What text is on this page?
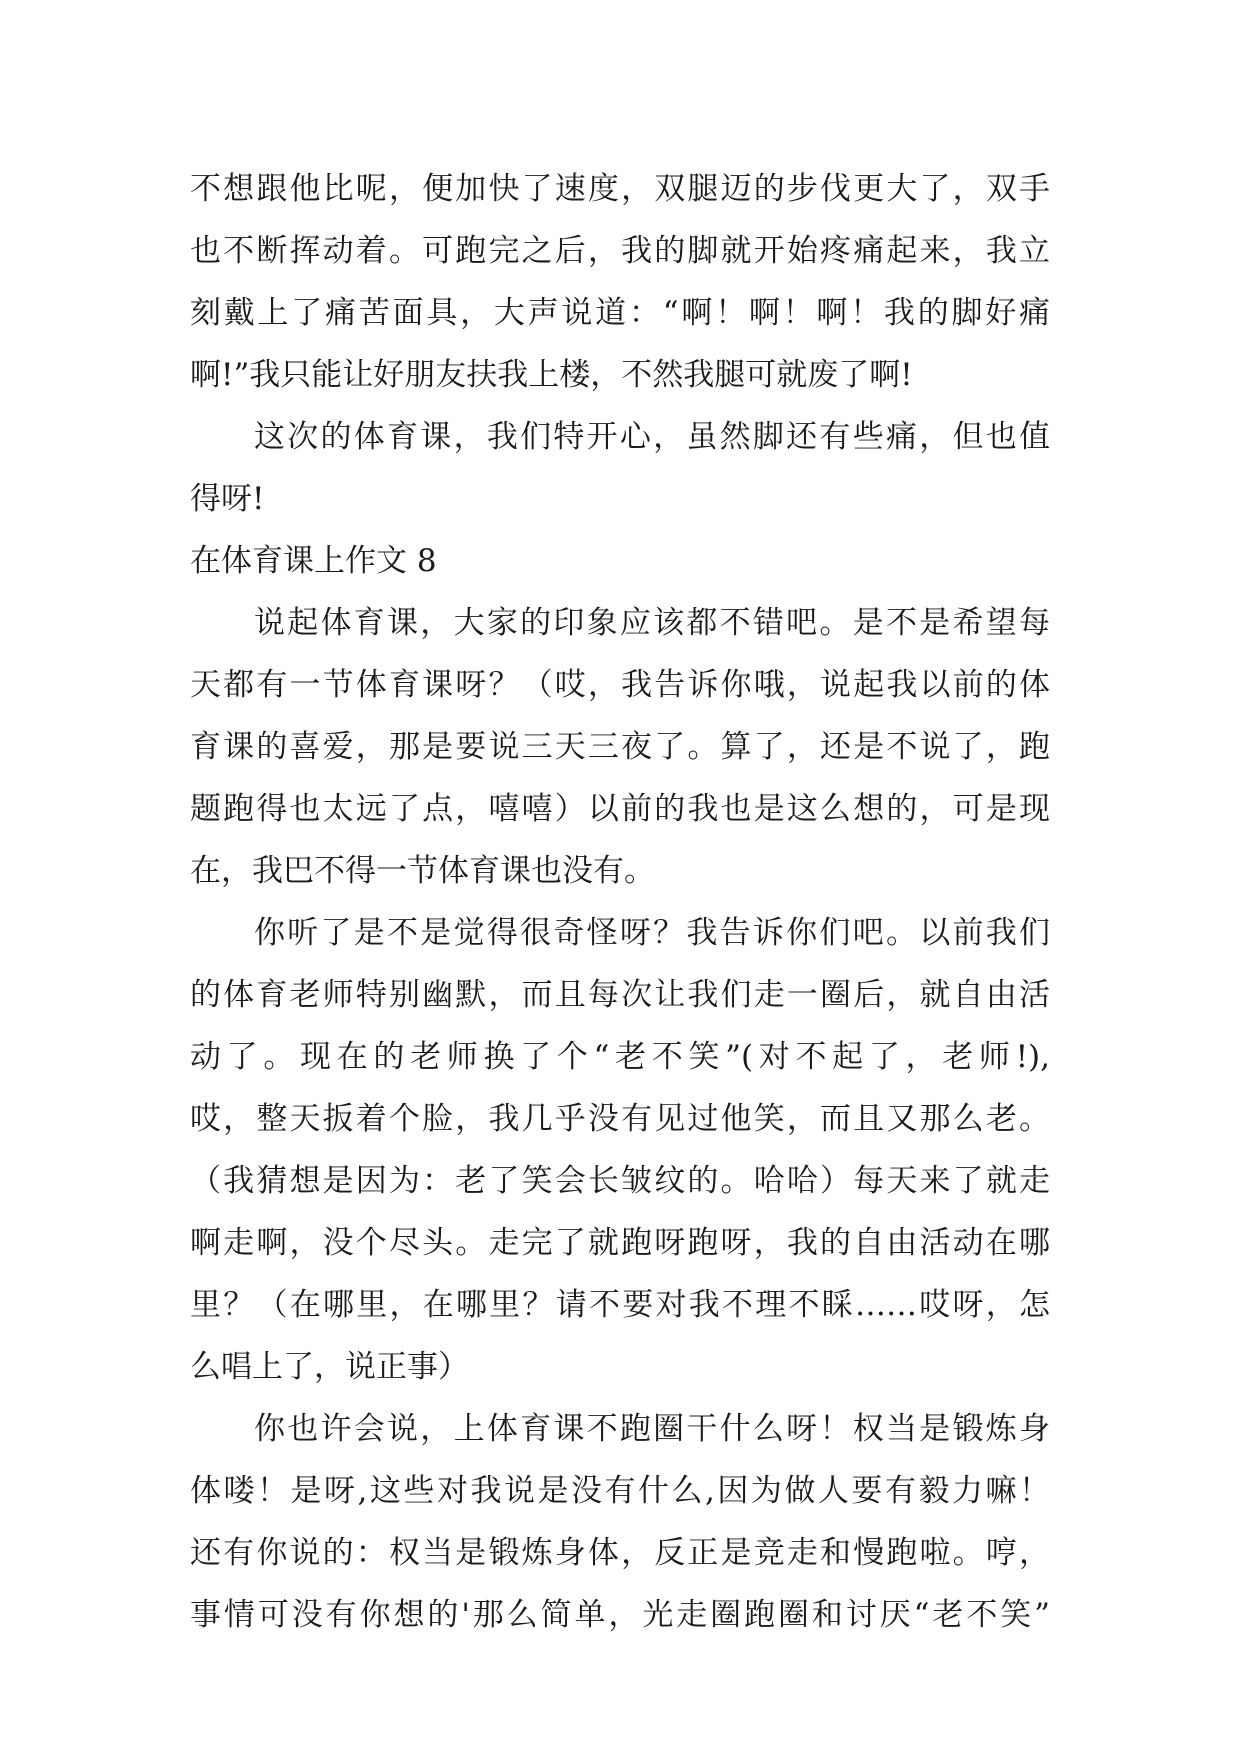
不想跟他比呢，便加快了速度，双腿迈的步伐更大了，双手
也不断挥动着。可跑完之后，我的脚就开始疼痛起来，我立
刻戴上了痛苦面具，大声说道：“啊！啊！啊！我的脚好痛
啊!”我只能让好朋友扶我上楼，不然我腿可就废了啊!
这次的体育课，我们特开心，虽然脚还有些痛，但也值
得呀!
在体育课上作文 8
说起体育课，大家的印象应该都不错吧。是不是希望每
天都有一节体育课呀？（哎，我告诉你哦，说起我以前的体
育课的喜爱，那是要说三天三夜了。算了，还是不说了，跑
题跑得也太远了点，嘻嘻）以前的我也是这么想的，可是现
在，我巴不得一节体育课也没有。
你听了是不是觉得很奇怪呀？我告诉你们吧。以前我们
的体育老师特别幽默，而且每次让我们走一圈后，就自由活
动了。现在的老师换了个“老不笑”(对不起了，老师!),
哎，整天扳着个脸，我几乎没有见过他笑，而且又那么老。
（我猜想是因为：老了笑会长皱纹的。哈哈）每天来了就走
啊走啊，没个尽头。走完了就跑呀跑呀，我的自由活动在哪
里？（在哪里，在哪里？请不要对我不理不睬……哎呀，怎
么唱上了，说正事）
你也许会说，上体育课不跑圈干什么呀！权当是锻炼身
体喽！是呀,这些对我说是没有什么,因为做人要有毅力嘛！
还有你说的：权当是锻炼身体，反正是竞走和慢跑啦。哼，
事情可没有你想的'那么简单，光走圈跑圈和讨厌“老不笑”
